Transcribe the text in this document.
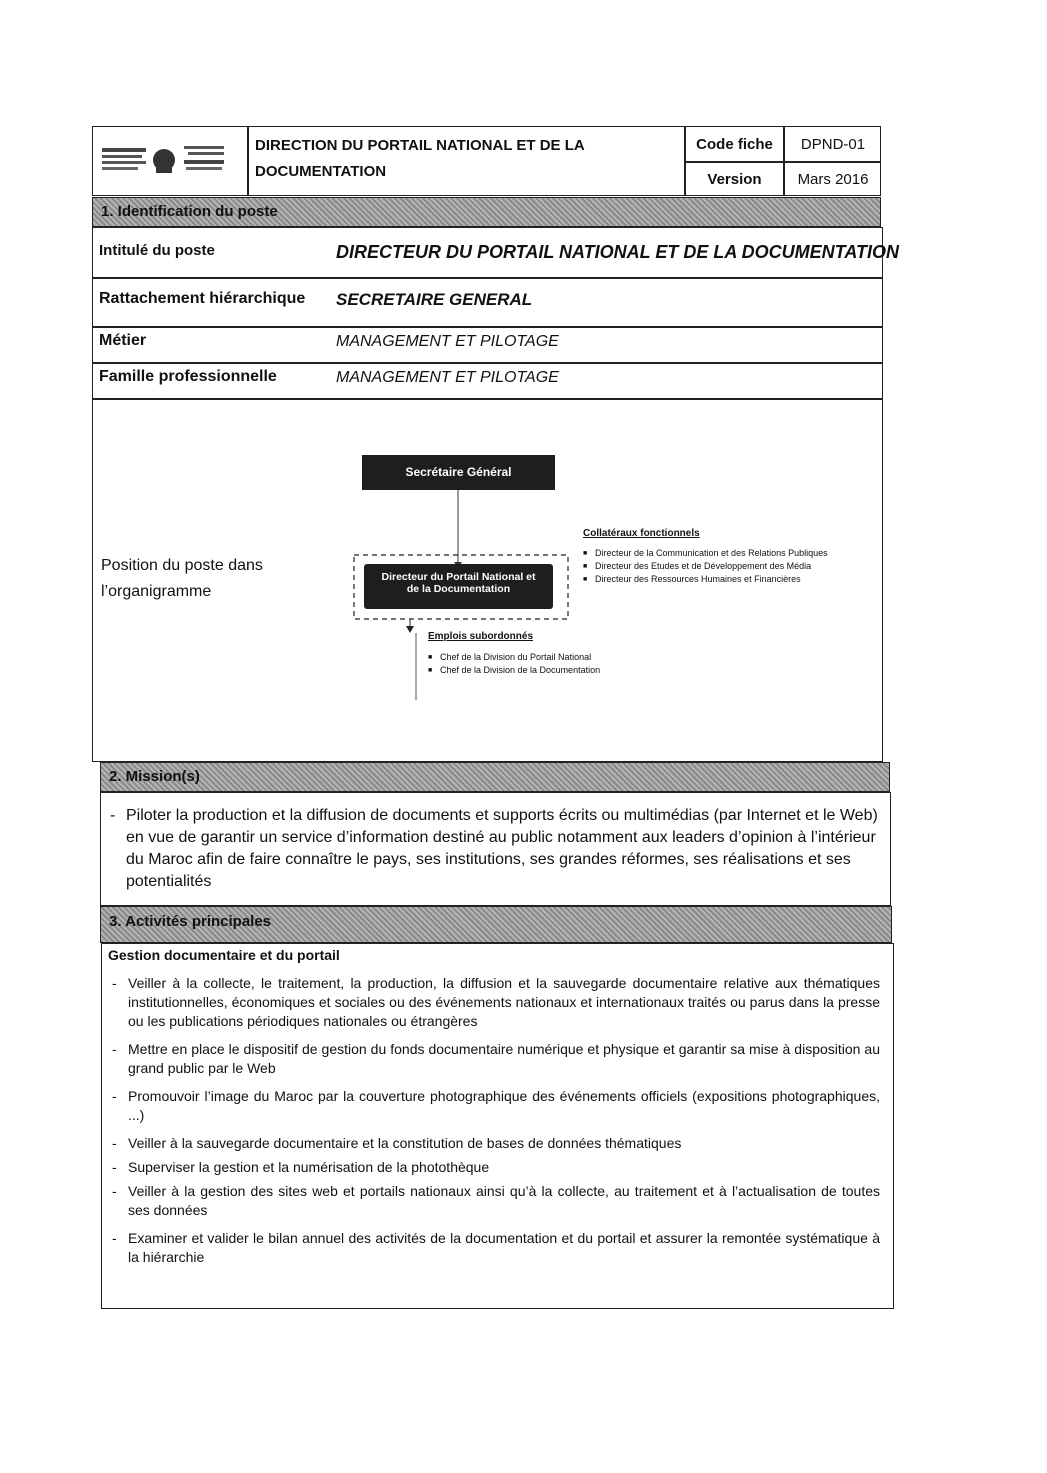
DIRECTION DU PORTAIL NATIONAL ET DE LA DOCUMENTATION
Code fiche	DPND-01
Version	Mars 2016
1. Identification du poste
Intitulé du poste	DIRECTEUR DU PORTAIL NATIONAL ET DE LA DOCUMENTATION
Rattachement hiérarchique SECRETAIRE GENERAL
Métier	MANAGEMENT ET PILOTAGE
Famille professionnelle	MANAGEMENT ET PILOTAGE
Position du poste dans l’organigramme
Secrétaire Général
Directeur du Portail National et de la Documentation
Collatéraux fonctionnels
■ Directeur de la Communication et des Relations Publiques
■ Directeur des Etudes et de Développement des Média
■ Directeur des Ressources Humaines et Financières
Emplois subordonnés
■ Chef de la Division du Portail National
■ Chef de la Division de la Documentation
2. Mission(s)
- Piloter la production et la diffusion de documents et supports écrits ou multimédias (par Internet et le Web) en vue de garantir un service d’information destiné au public notamment aux leaders d’opinion à l’intérieur du Maroc afin de faire connaître le pays, ses institutions, ses grandes réformes, ses réalisations et ses potentialités
3. Activités principales
Gestion documentaire et du portail
- Veiller à la collecte, le traitement, la production, la diffusion et la sauvegarde documentaire relative aux thématiques institutionnelles, économiques et sociales ou des événements nationaux et internationaux traités ou parus dans la presse ou les publications périodiques nationales ou étrangères
- Mettre en place le dispositif de gestion du fonds documentaire numérique et physique et garantir sa mise à disposition au grand public par le Web
- Promouvoir l’image du Maroc par la couverture photographique des événements officiels (expositions photographiques, ...)
- Veiller à la sauvegarde documentaire et la constitution de bases de données thématiques
- Superviser la gestion et la numérisation de la photothèque
- Veiller à la gestion des sites web et portails nationaux ainsi qu’à la collecte, au traitement et à l’actualisation de toutes ses données
- Examiner et valider le bilan annuel des activités de la documentation et du portail et assurer la remontée systématique à la hiérarchie
